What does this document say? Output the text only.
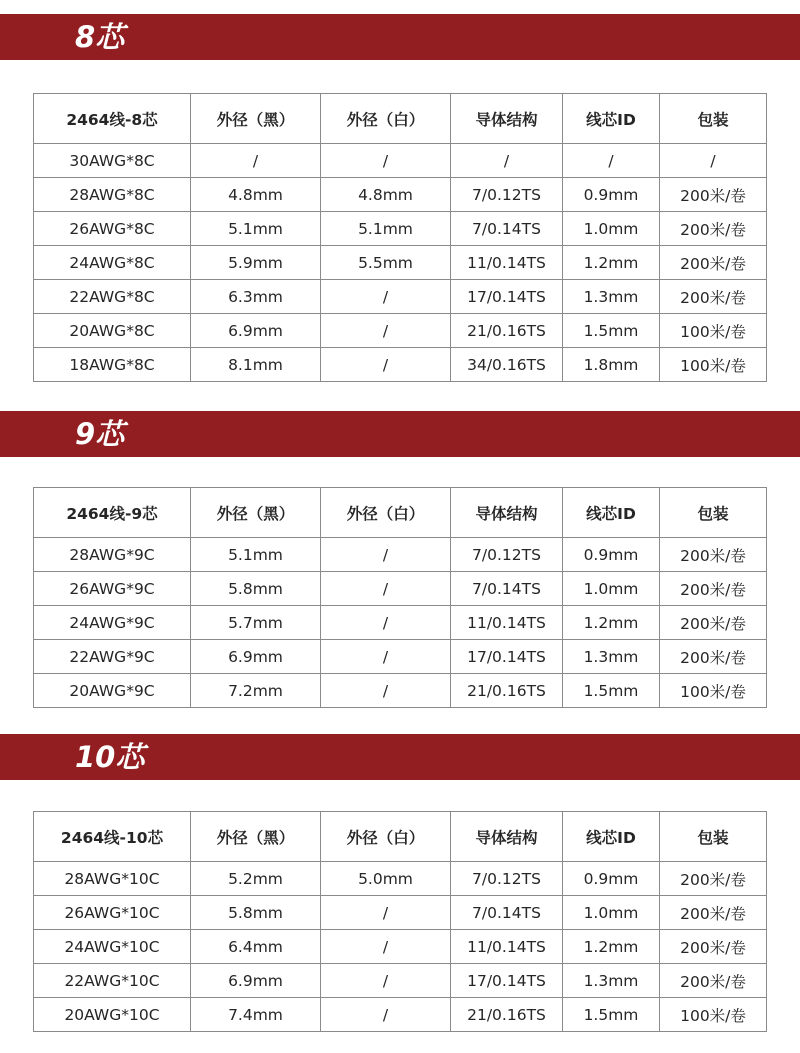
8芯
2464线-8芯	外径（黑）	外径（白）	导体结构	线芯ID	包装
30AWG*8C	/	/	/	/	/
28AWG*8C	4.8mm	4.8mm	7/0.12TS	0.9mm	200米/卷
26AWG*8C	5.1mm	5.1mm	7/0.14TS	1.0mm	200米/卷
24AWG*8C	5.9mm	5.5mm	11/0.14TS	1.2mm	200米/卷
22AWG*8C	6.3mm	/	17/0.14TS	1.3mm	200米/卷
20AWG*8C	6.9mm	/	21/0.16TS	1.5mm	100米/卷
18AWG*8C	8.1mm	/	34/0.16TS	1.8mm	100米/卷
9芯
2464线-9芯	外径（黑）	外径（白）	导体结构	线芯ID	包装
28AWG*9C	5.1mm	/	7/0.12TS	0.9mm	200米/卷
26AWG*9C	5.8mm	/	7/0.14TS	1.0mm	200米/卷
24AWG*9C	5.7mm	/	11/0.14TS	1.2mm	200米/卷
22AWG*9C	6.9mm	/	17/0.14TS	1.3mm	200米/卷
20AWG*9C	7.2mm	/	21/0.16TS	1.5mm	100米/卷
10芯
2464线-10芯	外径（黑）	外径（白）	导体结构	线芯ID	包装
28AWG*10C	5.2mm	5.0mm	7/0.12TS	0.9mm	200米/卷
26AWG*10C	5.8mm	/	7/0.14TS	1.0mm	200米/卷
24AWG*10C	6.4mm	/	11/0.14TS	1.2mm	200米/卷
22AWG*10C	6.9mm	/	17/0.14TS	1.3mm	200米/卷
20AWG*10C	7.4mm	/	21/0.16TS	1.5mm	100米/卷
